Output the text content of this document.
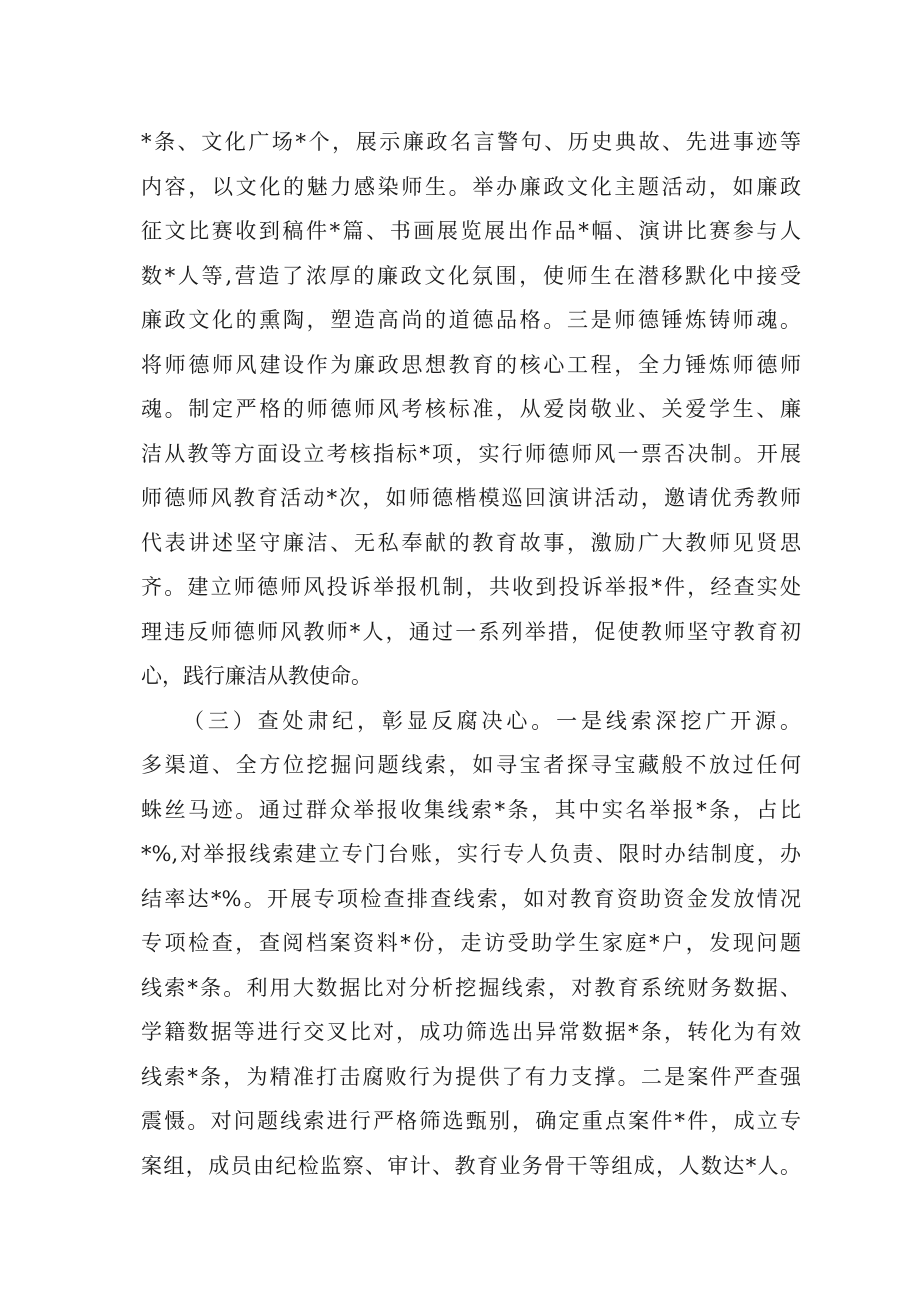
*条、文化广场*个，展示廉政名言警句、历史典故、先进事迹等
内容，以文化的魅力感染师生。举办廉政文化主题活动，如廉政
征文比赛收到稿件*篇、书画展览展出作品*幅、演讲比赛参与人
数*人等,营造了浓厚的廉政文化氛围，使师生在潜移默化中接受
廉政文化的熏陶，塑造高尚的道德品格。三是师德锤炼铸师魂。
将师德师风建设作为廉政思想教育的核心工程，全力锤炼师德师
魂。制定严格的师德师风考核标准，从爱岗敬业、关爱学生、廉
洁从教等方面设立考核指标*项，实行师德师风一票否决制。开展
师德师风教育活动*次，如师德楷模巡回演讲活动，邀请优秀教师
代表讲述坚守廉洁、无私奉献的教育故事，激励广大教师见贤思
齐。建立师德师风投诉举报机制，共收到投诉举报*件，经查实处
理违反师德师风教师*人，通过一系列举措，促使教师坚守教育初
心，践行廉洁从教使命。
（三）查处肃纪，彰显反腐决心。一是线索深挖广开源。
多渠道、全方位挖掘问题线索，如寻宝者探寻宝藏般不放过任何
蛛丝马迹。通过群众举报收集线索*条，其中实名举报*条，占比
*%,对举报线索建立专门台账，实行专人负责、限时办结制度，办
结率达*%。开展专项检查排查线索，如对教育资助资金发放情况
专项检查，查阅档案资料*份，走访受助学生家庭*户，发现问题
线索*条。利用大数据比对分析挖掘线索，对教育系统财务数据、
学籍数据等进行交叉比对，成功筛选出异常数据*条，转化为有效
线索*条，为精准打击腐败行为提供了有力支撑。二是案件严查强
震慑。对问题线索进行严格筛选甄别，确定重点案件*件，成立专
案组，成员由纪检监察、审计、教育业务骨干等组成，人数达*人。
